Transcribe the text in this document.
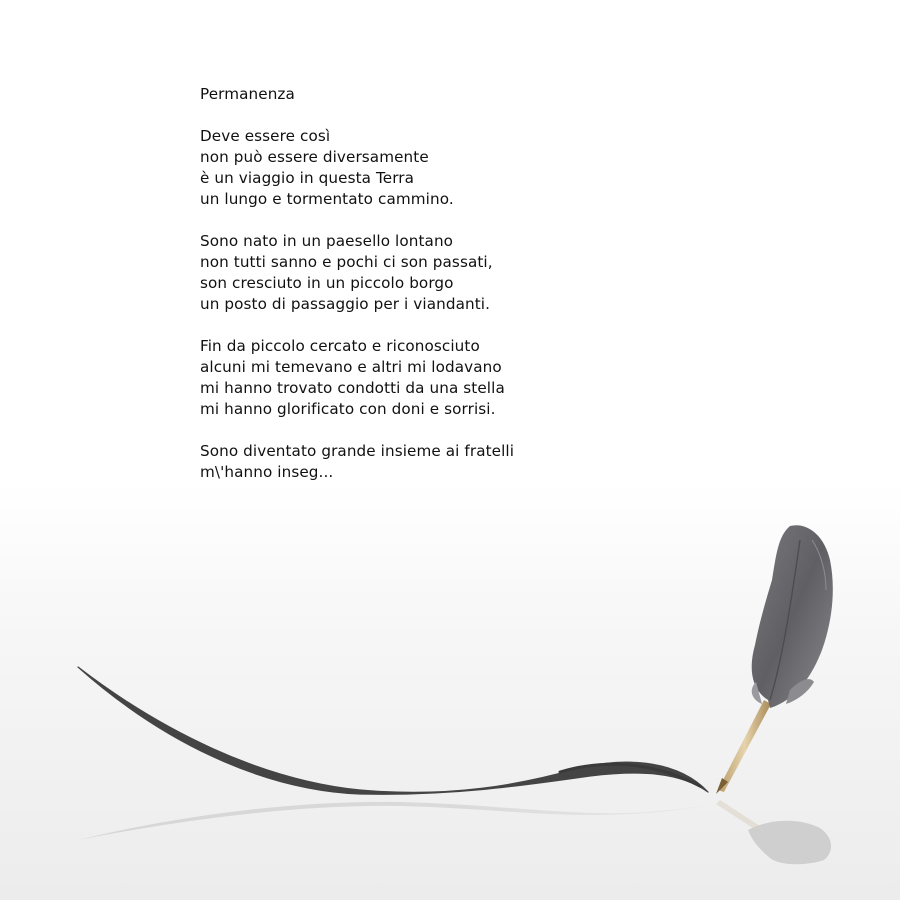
Permanenza
Deve essere così
non può essere diversamente
è un viaggio in questa Terra
un lungo e tormentato cammino.
Sono nato in un paesello lontano
non tutti sanno e pochi ci son passati,
son cresciuto in un piccolo borgo
un posto di passaggio per i viandanti.
Fin da piccolo cercato e riconosciuto
alcuni mi temevano e altri mi lodavano
mi hanno trovato condotti da una stella
mi hanno glorificato con doni e sorrisi.
Sono diventato grande insieme ai fratelli
m\'hanno inseg...
